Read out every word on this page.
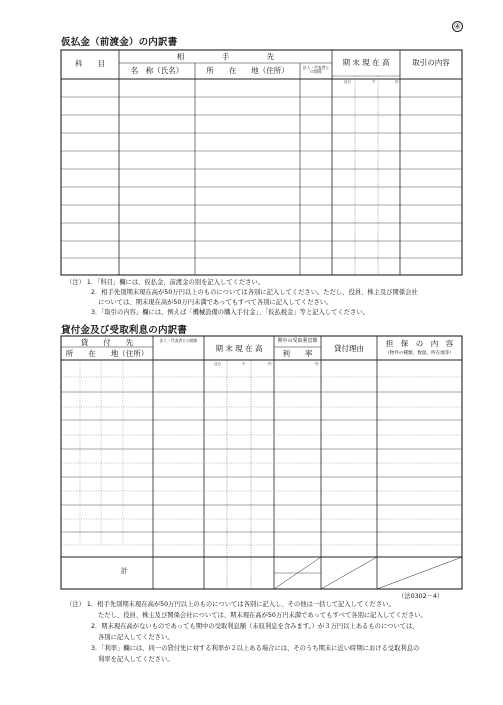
④
仮払金（前渡金）の内訳書
科　　目
相　　　　　手　　　　　先
名　称（氏名）	所　　在　　地（住所）	法人・代表者との関係
期 末 現 在 高	取引の内容
百万	千	円
（注） 1．「科目」欄には、仮払金、前渡金の別を記入してください。
2．相手先別期末現在高が50万円以上のものについては各別に記入してください。ただし、役員、株主及び関係会社
については、期末現在高が50万円未満であってもすべて各別に記入してください。
3．「取引の内容」欄には、例えば「機械設備の購入手付金」、「仮払税金」等と記入してください。
貸付金及び受取利息の内訳書
貸　　付　　先
所　　在　　地（住所）
法人・代表者との関係
期 末 現 在 高
期中の受取利息額
利　　率
貸付理由
担　保　の　内　容
（物件の種類、数量、所在地等）
百万	千	円	円
計
（法0302－4）
（注） 1．相手先別期末現在高が50万円以上のものについては各別に記入し、その他は一括して記入してください。
ただし、役員、株主及び関係会社については、期末現在高が50万円未満であってもすべて各別に記入してください。
2．期末現在高がないものであっても期中の受取利息額（未収利息を含みます。）が３万円以上あるものについては、
各別に記入してください。
3．「利率」欄には、同一の貸付先に対する利率が２以上ある場合には、そのうち期末に近い時期における受取利息の
利率を記入してください。
